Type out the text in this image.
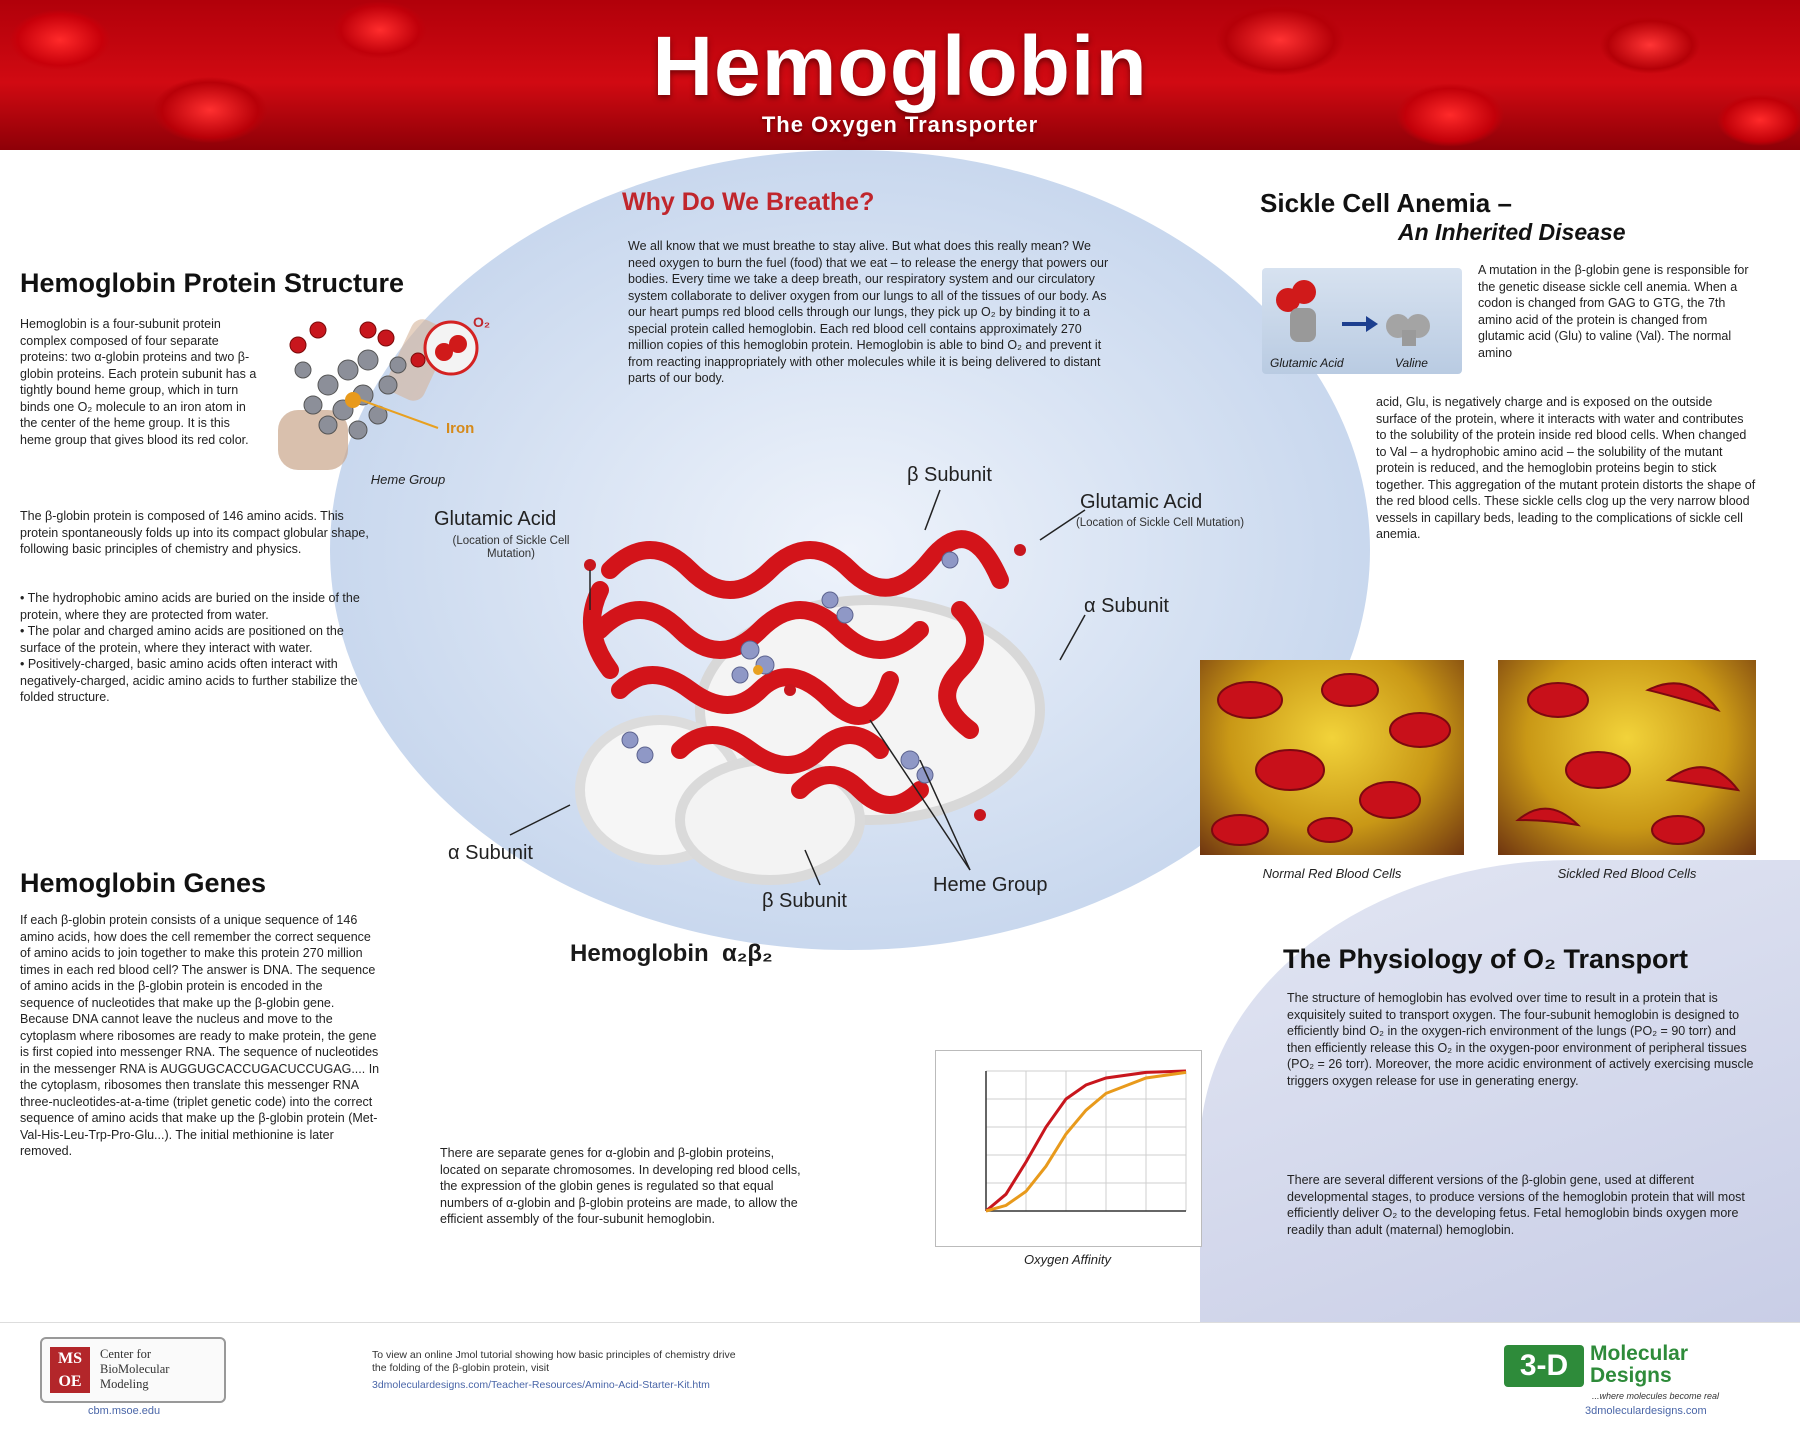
Hemoglobin
The Oxygen Transporter
Hemoglobin Protein Structure

Hemoglobin is a four-subunit protein complex composed of four separate proteins: two α-globin proteins and two β-globin proteins. Each protein subunit has a tightly bound heme group, which in turn binds one O₂ molecule to an iron atom in the center of the heme group. It is this heme group that gives blood its red color.

O₂
Iron
Heme Group

The β-globin protein is composed of 146 amino acids. This protein spontaneously folds up into its compact globular shape, following basic principles of chemistry and physics.

• The hydrophobic amino acids are buried on the inside of the protein, where they are protected from water.

• The polar and charged amino acids are positioned on the surface of the protein, where they interact with water.

• Positively-charged, basic amino acids often interact with negatively-charged, acidic amino acids to further stabilize the folded structure.

Why Do We Breathe?

We all know that we must breathe to stay alive. But what does this really mean? We need oxygen to burn the fuel (food) that we eat – to release the energy that powers our bodies. Every time we take a deep breath, our respiratory system and our circulatory system collaborate to deliver oxygen from our lungs to all of the tissues of our body. As our heart pumps red blood cells through our lungs, they pick up O₂ by binding it to a special protein called hemoglobin. Each red blood cell contains approximately 270 million copies of this hemoglobin protein. Hemoglobin is able to bind O₂ and prevent it from reacting inappropriately with other molecules while it is being delivered to distant parts of our body.

β Subunit
Glutamic Acid
(Location of Sickle Cell Mutation)
Glutamic Acid
(Location of Sickle Cell Mutation)
α Subunit
α Subunit
β Subunit
Heme Group
Hemoglobin  α₂β₂
Sickle Cell Anemia –
An Inherited Disease
Glutamic Acid	Valine

A mutation in the β-globin gene is responsible for the genetic disease sickle cell anemia. When a codon is changed from GAG to GTG, the 7th amino acid of the protein is changed from glutamic acid (Glu) to valine (Val). The normal amino

acid, Glu, is negatively charge and is exposed on the outside surface of the protein, where it interacts with water and contributes to the solubility of the protein inside red blood cells. When changed to Val – a hydrophobic amino acid – the solubility of the mutant protein is reduced, and the hemoglobin proteins begin to stick together. This aggregation of the mutant protein distorts the shape of the red blood cells. These sickle cells clog up the very narrow blood vessels in capillary beds, leading to the complications of sickle cell anemia.

Normal Red Blood Cells	Sickled Red Blood Cells
Hemoglobin Genes

If each β-globin protein consists of a unique sequence of 146 amino acids, how does the cell remember the correct sequence of amino acids to join together to make this protein 270 million times in each red blood cell? The answer is DNA. The sequence of amino acids in the β-globin protein is encoded in the sequence of nucleotides that make up the β-globin gene. Because DNA cannot leave the nucleus and move to the cytoplasm where ribosomes are ready to make protein, the gene is first copied into messenger RNA. The sequence of nucleotides in the messenger RNA is AUGGUGCACCUGACUCCUGAG.... In the cytoplasm, ribosomes then translate this messenger RNA three-nucleotides-at-a-time (triplet genetic code) into the correct sequence of amino acids that make up the β-globin protein (Met-Val-His-Leu-Trp-Pro-Glu...). The initial methionine is later removed.	There are separate genes for α-globin and β-globin proteins, located on separate chromosomes. In developing red blood cells, the expression of the globin genes is regulated so that equal numbers of α-globin and β-globin proteins are made, to allow the efficient assembly of the four-subunit hemoglobin.

Oxygen Affinity
The Physiology of O₂ Transport

The structure of hemoglobin has evolved over time to result in a protein that is exquisitely suited to transport oxygen. The four-subunit hemoglobin is designed to efficiently bind O₂ in the oxygen-rich environment of the lungs (PO₂ = 90 torr) and then efficiently release this O₂ in the oxygen-poor environment of peripheral tissues (PO₂ = 26 torr). Moreover, the more acidic environment of actively exercising muscle triggers oxygen release for use in generating energy.

There are several different versions of the β-globin gene, used at different developmental stages, to produce versions of the hemoglobin protein that will most efficiently deliver O₂ to the developing fetus. Fetal hemoglobin binds oxygen more readily than adult (maternal) hemoglobin.

MS
OE
Center for
BioMolecular
Modeling
cbm.msoe.edu
To view an online Jmol tutorial showing how basic principles of chemistry drive the folding of the β-globin protein, visit
3dmoleculardesigns.com/Teacher-Resources/Amino-Acid-Starter-Kit.htm
3-D	Molecular
Designs
...where molecules become real
3dmoleculardesigns.com
